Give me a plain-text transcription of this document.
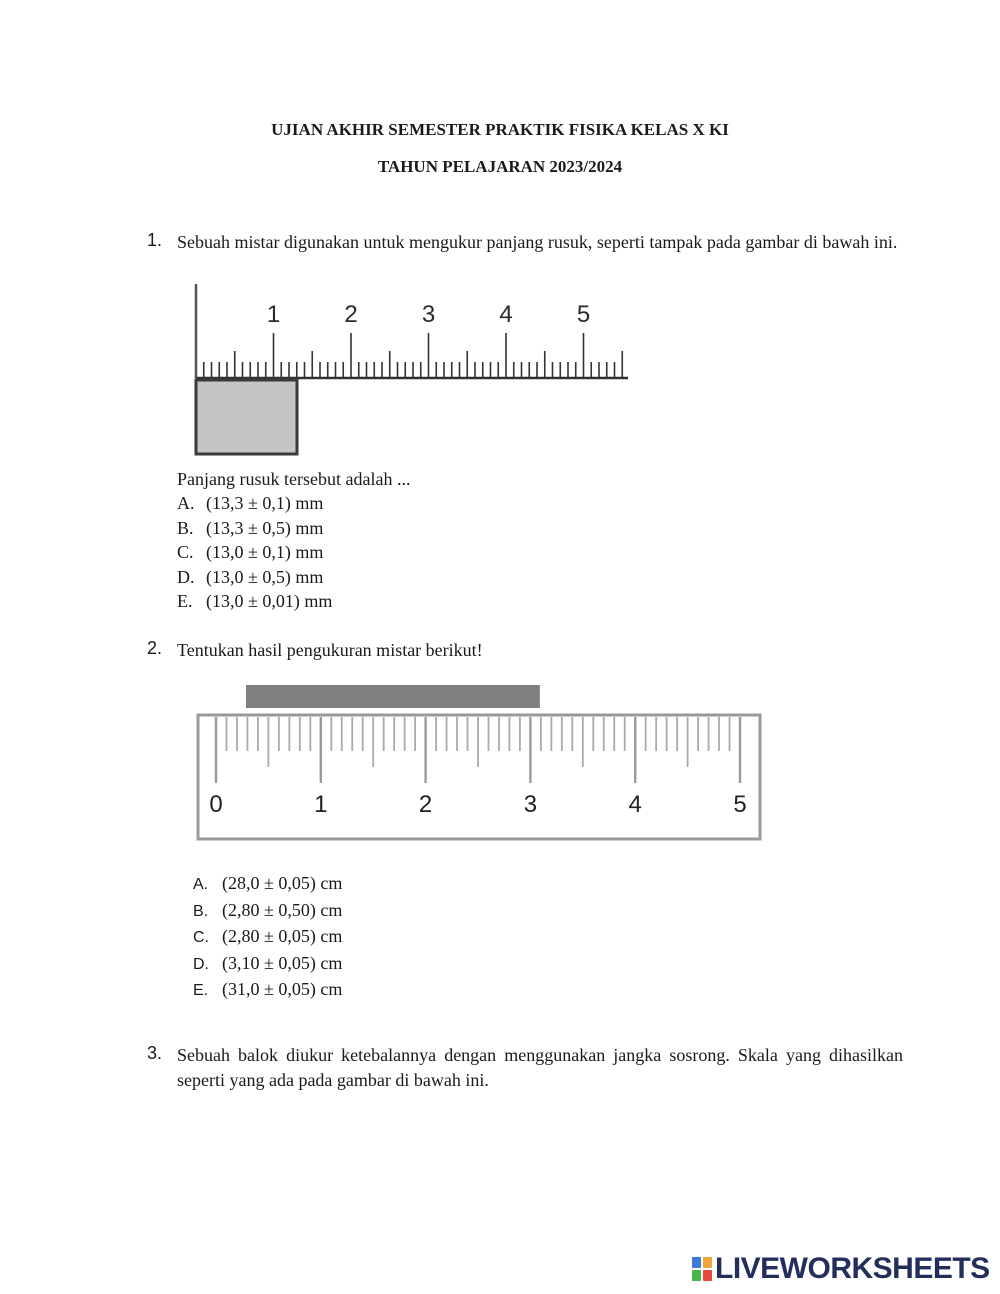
UJIAN AKHIR SEMESTER PRAKTIK FISIKA KELAS X KI
TAHUN PELAJARAN 2023/2024
1. Sebuah mistar digunakan untuk mengukur panjang rusuk, seperti tampak pada gambar di bawah ini.
1	2	3	4	5
Panjang rusuk tersebut adalah ...
A. (13,3 ± 0,1) mm
B. (13,3 ± 0,5) mm
C. (13,0 ± 0,1) mm
D. (13,0 ± 0,5) mm
E. (13,0 ± 0,01) mm
2. Tentukan hasil pengukuran mistar berikut!
0	1	2	3	4	5
A. (28,0 ± 0,05) cm
B. (2,80 ± 0,50) cm
C. (2,80 ± 0,05) cm
D. (3,10 ± 0,05) cm
E. (31,0 ± 0,05) cm
3. Sebuah balok diukur ketebalannya dengan menggunakan jangka sosrong. Skala yang dihasilkan seperti yang ada pada gambar di bawah ini.
LIVEWORKSHEETS
